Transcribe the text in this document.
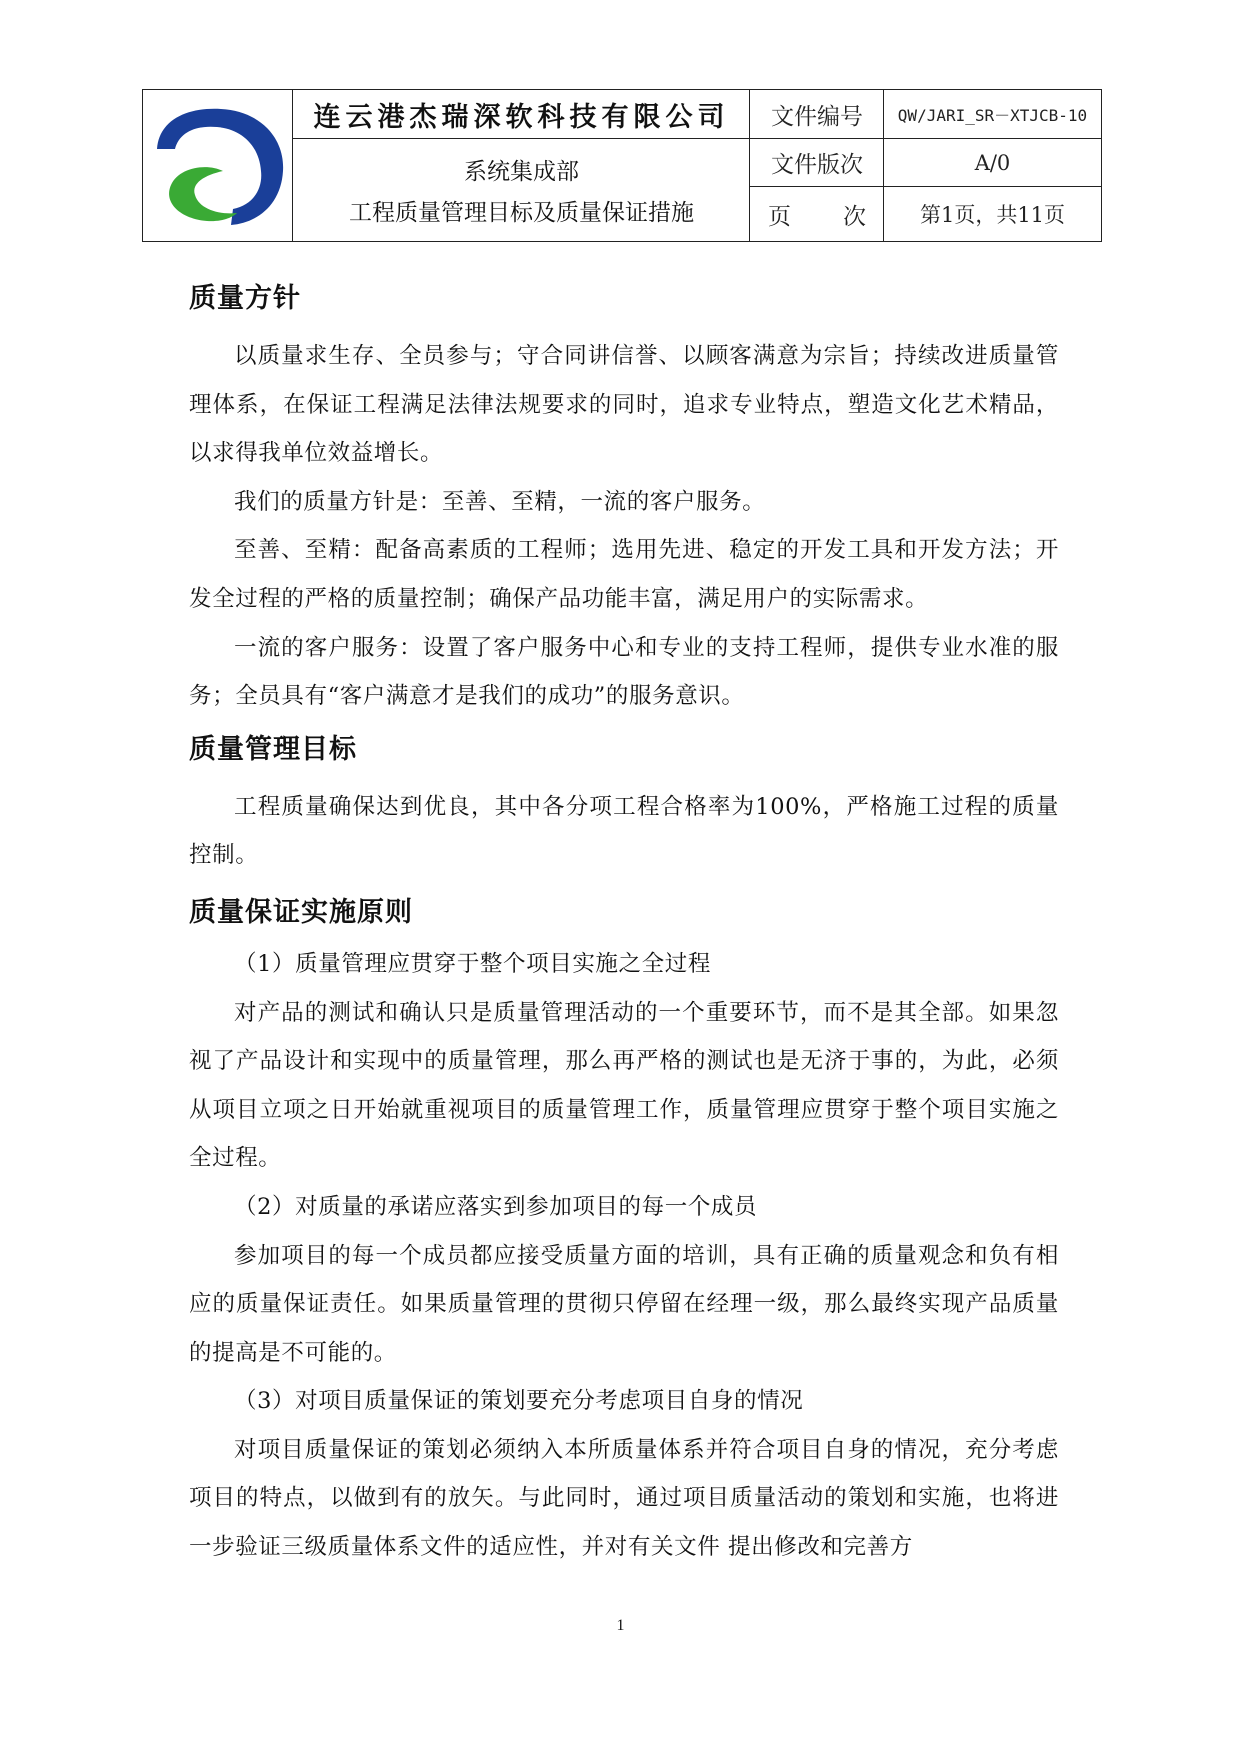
连云港杰瑞深软科技有限公司
系统集成部
工程质量管理目标及质量保证措施
文件编号	QW/JARI_SR－XTJCB-10
文件版次	A/0
页 次	第1页，共11页
质量方针

以质量求生存、全员参与；守合同讲信誉、以顾客满意为宗旨；持续改进质量管理体系，在保证工程满足法律法规要求的同时，追求专业特点，塑造文化艺术精品，以求得我单位效益增长。

我们的质量方针是：至善、至精，一流的客户服务。

至善、至精：配备高素质的工程师；选用先进、稳定的开发工具和开发方法；开发全过程的严格的质量控制；确保产品功能丰富，满足用户的实际需求。

一流的客户服务：设置了客户服务中心和专业的支持工程师，提供专业水准的服务；全员具有“客户满意才是我们的成功”的服务意识。

质量管理目标

工程质量确保达到优良，其中各分项工程合格率为100%，严格施工过程的质量控制。

质量保证实施原则

（1）质量管理应贯穿于整个项目实施之全过程

对产品的测试和确认只是质量管理活动的一个重要环节，而不是其全部。如果忽视了产品设计和实现中的质量管理，那么再严格的测试也是无济于事的，为此，必须从项目立项之日开始就重视项目的质量管理工作，质量管理应贯穿于整个项目实施之全过程。

（2）对质量的承诺应落实到参加项目的每一个成员

参加项目的每一个成员都应接受质量方面的培训，具有正确的质量观念和负有相应的质量保证责任。如果质量管理的贯彻只停留在经理一级，那么最终实现产品质量的提高是不可能的。

（3）对项目质量保证的策划要充分考虑项目自身的情况

对项目质量保证的策划必须纳入本所质量体系并符合项目自身的情况，充分考虑项目的特点，以做到有的放矢。与此同时，通过项目质量活动的策划和实施，也将进一步验证三级质量体系文件的适应性，并对有关文件 提出修改和完善方

1
